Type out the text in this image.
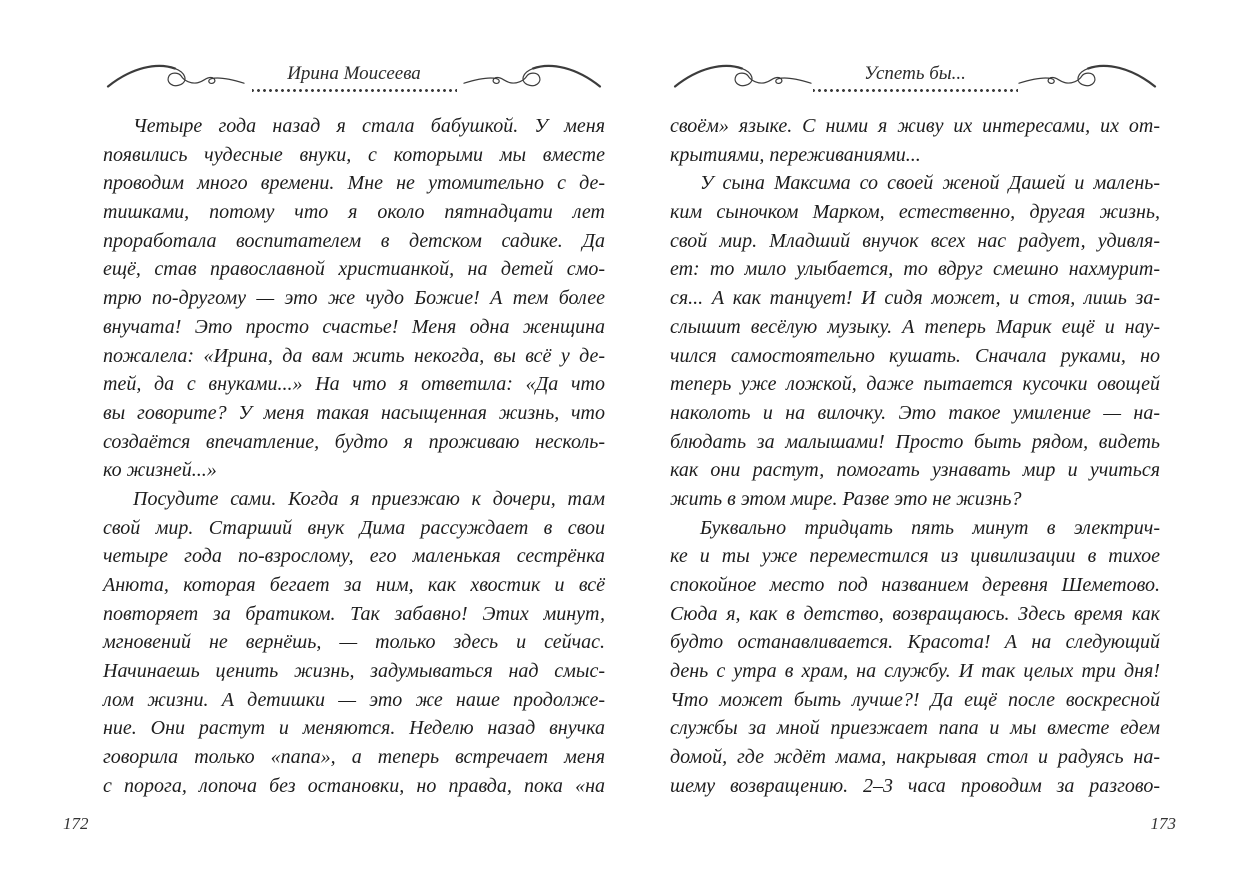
Ирина Моисеева
Четыре года назад я стала бабушкой. У меня
появились чудесные внуки, с которыми мы вместе
проводим много времени. Мне не утомительно с де-
тишками, потому что я около пятнадцати лет
проработала воспитателем в детском садике. Да
ещё, став православной христианкой, на детей смо-
трю по-другому — это же чудо Божие! А тем более
внучата! Это просто счастье! Меня одна женщина
пожалела: «Ирина, да вам жить некогда, вы всё у де-
тей, да с внуками...» На что я ответила: «Да что
вы говорите? У меня такая насыщенная жизнь, что
создаётся впечатление, будто я проживаю несколь-
ко жизней...»
Посудите сами. Когда я приезжаю к дочери, там
свой мир. Старший внук Дима рассуждает в свои
четыре года по-взрослому, его маленькая сестрёнка
Анюта, которая бегает за ним, как хвостик и всё
повторяет за братиком. Так забавно! Этих минут,
мгновений не вернёшь, — только здесь и сейчас.
Начинаешь ценить жизнь, задумываться над смыс-
лом жизни. А детишки — это же наше продолже-
ние. Они растут и меняются. Неделю назад внучка
говорила только «папа», а теперь встречает меня
с порога, лопоча без остановки, но правда, пока «на
172
Успеть бы...
своём» языке. С ними я живу их интересами, их от-
крытиями, переживаниями...
У сына Максима со своей женой Дашей и малень-
ким сыночком Марком, естественно, другая жизнь,
свой мир. Младший внучок всех нас радует, удивля-
ет: то мило улыбается, то вдруг смешно нахмурит-
ся... А как танцует! И сидя может, и стоя, лишь за-
слышит весёлую музыку. А теперь Марик ещё и нау-
чился самостоятельно кушать. Сначала руками, но
теперь уже ложкой, даже пытается кусочки овощей
наколоть и на вилочку. Это такое умиление — на-
блюдать за малышами! Просто быть рядом, видеть
как они растут, помогать узнавать мир и учиться
жить в этом мире. Разве это не жизнь?
Буквально тридцать пять минут в электрич-
ке и ты уже переместился из цивилизации в тихое
спокойное место под названием деревня Шеметово.
Сюда я, как в детство, возвращаюсь. Здесь время как
будто останавливается. Красота! А на следующий
день с утра в храм, на службу. И так целых три дня!
Что может быть лучше?! Да ещё после воскресной
службы за мной приезжает папа и мы вместе едем
домой, где ждёт мама, накрывая стол и радуясь на-
шему возвращению. 2–3 часа проводим за разгово-
173
